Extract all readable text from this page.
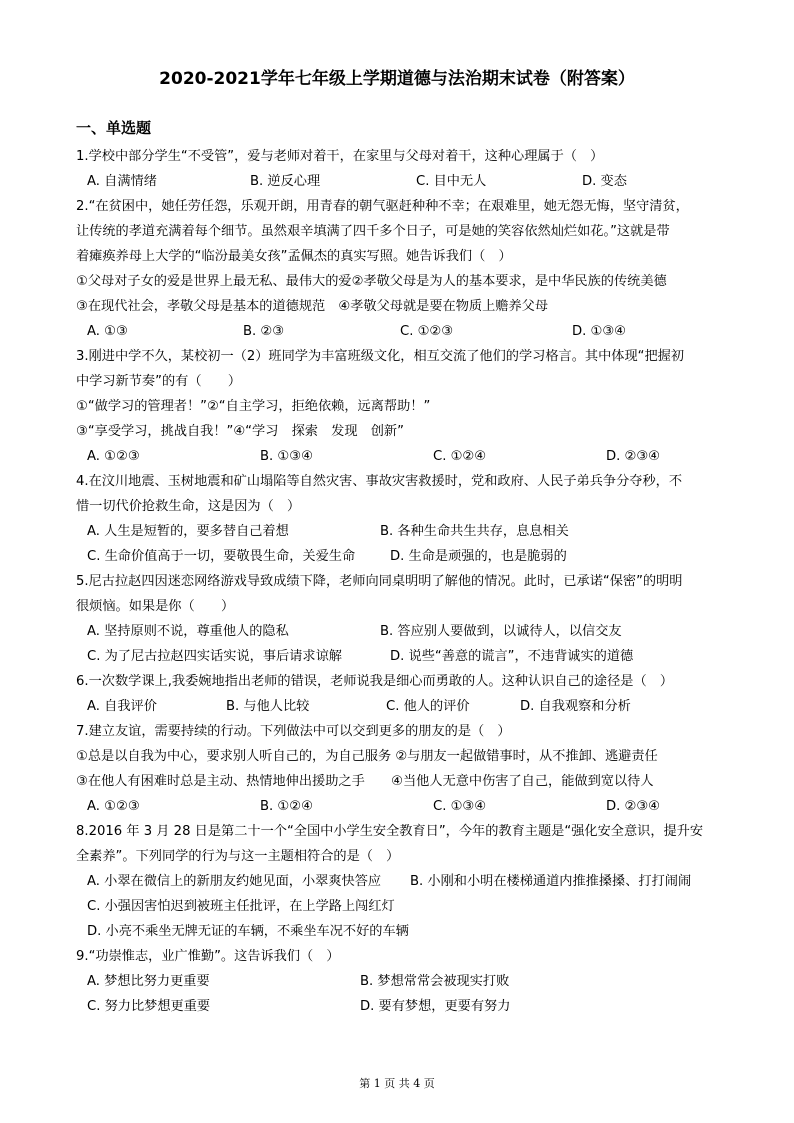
2020-2021学年七年级上学期道德与法治期末试卷（附答案）
一、单选题
1.学校中部分学生“不受管”，爱与老师对着干，在家里与父母对着干，这种心理属于（　）
A. 自满情绪	B. 逆反心理	C. 目中无人	D. 变态
2.“在贫困中，她任劳任怨，乐观开朗，用青春的朝气驱赶种种不幸；在艰难里，她无怨无悔，坚守清贫，
让传统的孝道充满着每个细节。虽然艰辛填满了四千多个日子，可是她的笑容依然灿烂如花。”这就是带
着瘫痪养母上大学的“临汾最美女孩”孟佩杰的真实写照。她告诉我们（　）
①父母对子女的爱是世界上最无私、最伟大的爱②孝敬父母是为人的基本要求，是中华民族的传统美德
③在现代社会，孝敬父母是基本的道德规范　④孝敬父母就是要在物质上赡养父母
A. ①③	B. ②③	C. ①②③	D. ①③④
3.刚进中学不久，某校初一（2）班同学为丰富班级文化，相互交流了他们的学习格言。其中体现“把握初
中学习新节奏”的有（　　）
①“做学习的管理者！”②“自主学习，拒绝依赖，远离帮助！”
③“享受学习，挑战自我！”④“学习　探索　发现　创新”
A. ①②③	B. ①③④	C. ①②④	D. ②③④
4.在汶川地震、玉树地震和矿山塌陷等自然灾害、事故灾害救援时，党和政府、人民子弟兵争分夺秒，不
惜一切代价抢救生命，这是因为（　）
A. 人生是短暂的，要多替自己着想	B. 各种生命共生共存，息息相关
C. 生命价值高于一切，要敬畏生命，关爱生命	D. 生命是顽强的，也是脆弱的
5.尼古拉赵四因迷恋网络游戏导致成绩下降，老师向同桌明明了解他的情况。此时，已承诺“保密”的明明
很烦恼。如果是你（　　）
A. 坚持原则不说，尊重他人的隐私	B. 答应别人要做到，以诚待人，以信交友
C. 为了尼古拉赵四实话实说，事后请求谅解	D. 说些“善意的谎言”，不违背诚实的道德
6.一次数学课上,我委婉地指出老师的错误，老师说我是细心而勇敢的人。这种认识自己的途径是（　）
A. 自我评价	B. 与他人比较	C. 他人的评价	D. 自我观察和分析
7.建立友谊，需要持续的行动。下列做法中可以交到更多的朋友的是（　）
①总是以自我为中心，要求别人听自己的，为自己服务 ②与朋友一起做错事时，从不推卸、逃避责任
③在他人有困难时总是主动、热情地伸出援助之手　　④当他人无意中伤害了自己，能做到宽以待人
A. ①②③	B. ①②④	C. ①③④	D. ②③④
8.2016 年 3 月 28 日是第二十一个“全国中小学生安全教育日”，今年的教育主题是“强化安全意识，提升安
全素养”。下列同学的行为与这一主题相符合的是（　）
A. 小翠在微信上的新朋友约她见面，小翠爽快答应 B. 小刚和小明在楼梯通道内推推搡搡、打打闹闹
C. 小强因害怕迟到被班主任批评，在上学路上闯红灯
D. 小亮不乘坐无牌无证的车辆，不乘坐车况不好的车辆
9.“功崇惟志，业广惟勤”。这告诉我们（　）
A. 梦想比努力更重要	B. 梦想常常会被现实打败
C. 努力比梦想更重要	D. 要有梦想，更要有努力
第 1 页 共 4 页
